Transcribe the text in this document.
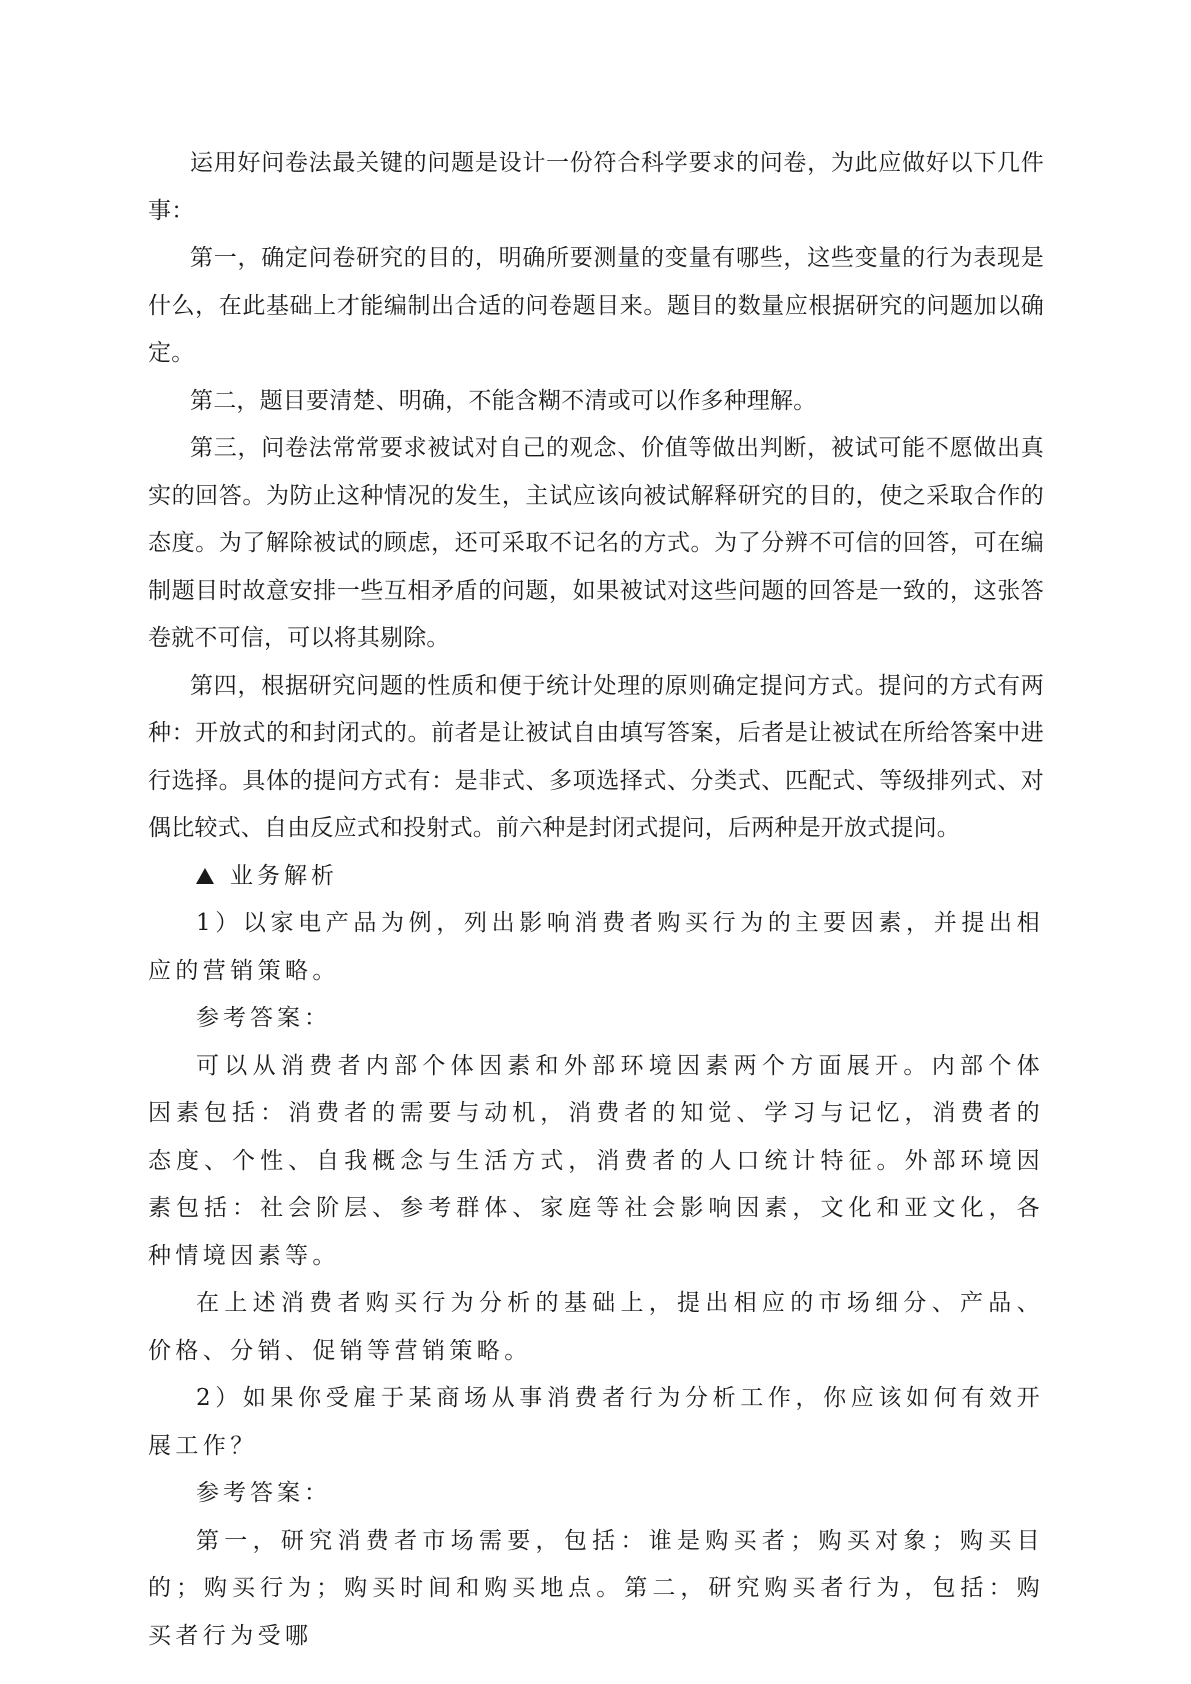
运用好问卷法最关键的问题是设计一份符合科学要求的问卷，为此应做好以下几件事：

第一，确定问卷研究的目的，明确所要测量的变量有哪些，这些变量的行为表现是什么，在此基础上才能编制出合适的问卷题目来。题目的数量应根据研究的问题加以确定。

第二，题目要清楚、明确，不能含糊不清或可以作多种理解。

第三，问卷法常常要求被试对自己的观念、价值等做出判断，被试可能不愿做出真实的回答。为防止这种情况的发生，主试应该向被试解释研究的目的，使之采取合作的态度。为了解除被试的顾虑，还可采取不记名的方式。为了分辨不可信的回答，可在编制题目时故意安排一些互相矛盾的问题，如果被试对这些问题的回答是一致的，这张答卷就不可信，可以将其剔除。

第四，根据研究问题的性质和便于统计处理的原则确定提问方式。提问的方式有两种：开放式的和封闭式的。前者是让被试自由填写答案，后者是让被试在所给答案中进行选择。具体的提问方式有：是非式、多项选择式、分类式、匹配式、等级排列式、对偶比较式、自由反应式和投射式。前六种是封闭式提问，后两种是开放式提问。

业务解析

1）以家电产品为例，列出影响消费者购买行为的主要因素，并提出相应的营销策略。

参考答案：

可以从消费者内部个体因素和外部环境因素两个方面展开。内部个体因素包括：消费者的需要与动机，消费者的知觉、学习与记忆，消费者的态度、个性、自我概念与生活方式，消费者的人口统计特征。外部环境因素包括：社会阶层、参考群体、家庭等社会影响因素，文化和亚文化，各种情境因素等。

在上述消费者购买行为分析的基础上，提出相应的市场细分、产品、价格、分销、促销等营销策略。

2）如果你受雇于某商场从事消费者行为分析工作，你应该如何有效开展工作？

参考答案：

第一，研究消费者市场需要，包括：谁是购买者；购买对象；购买目的；购买行为；购买时间和购买地点。第二，研究购买者行为，包括：购买者行为受哪
